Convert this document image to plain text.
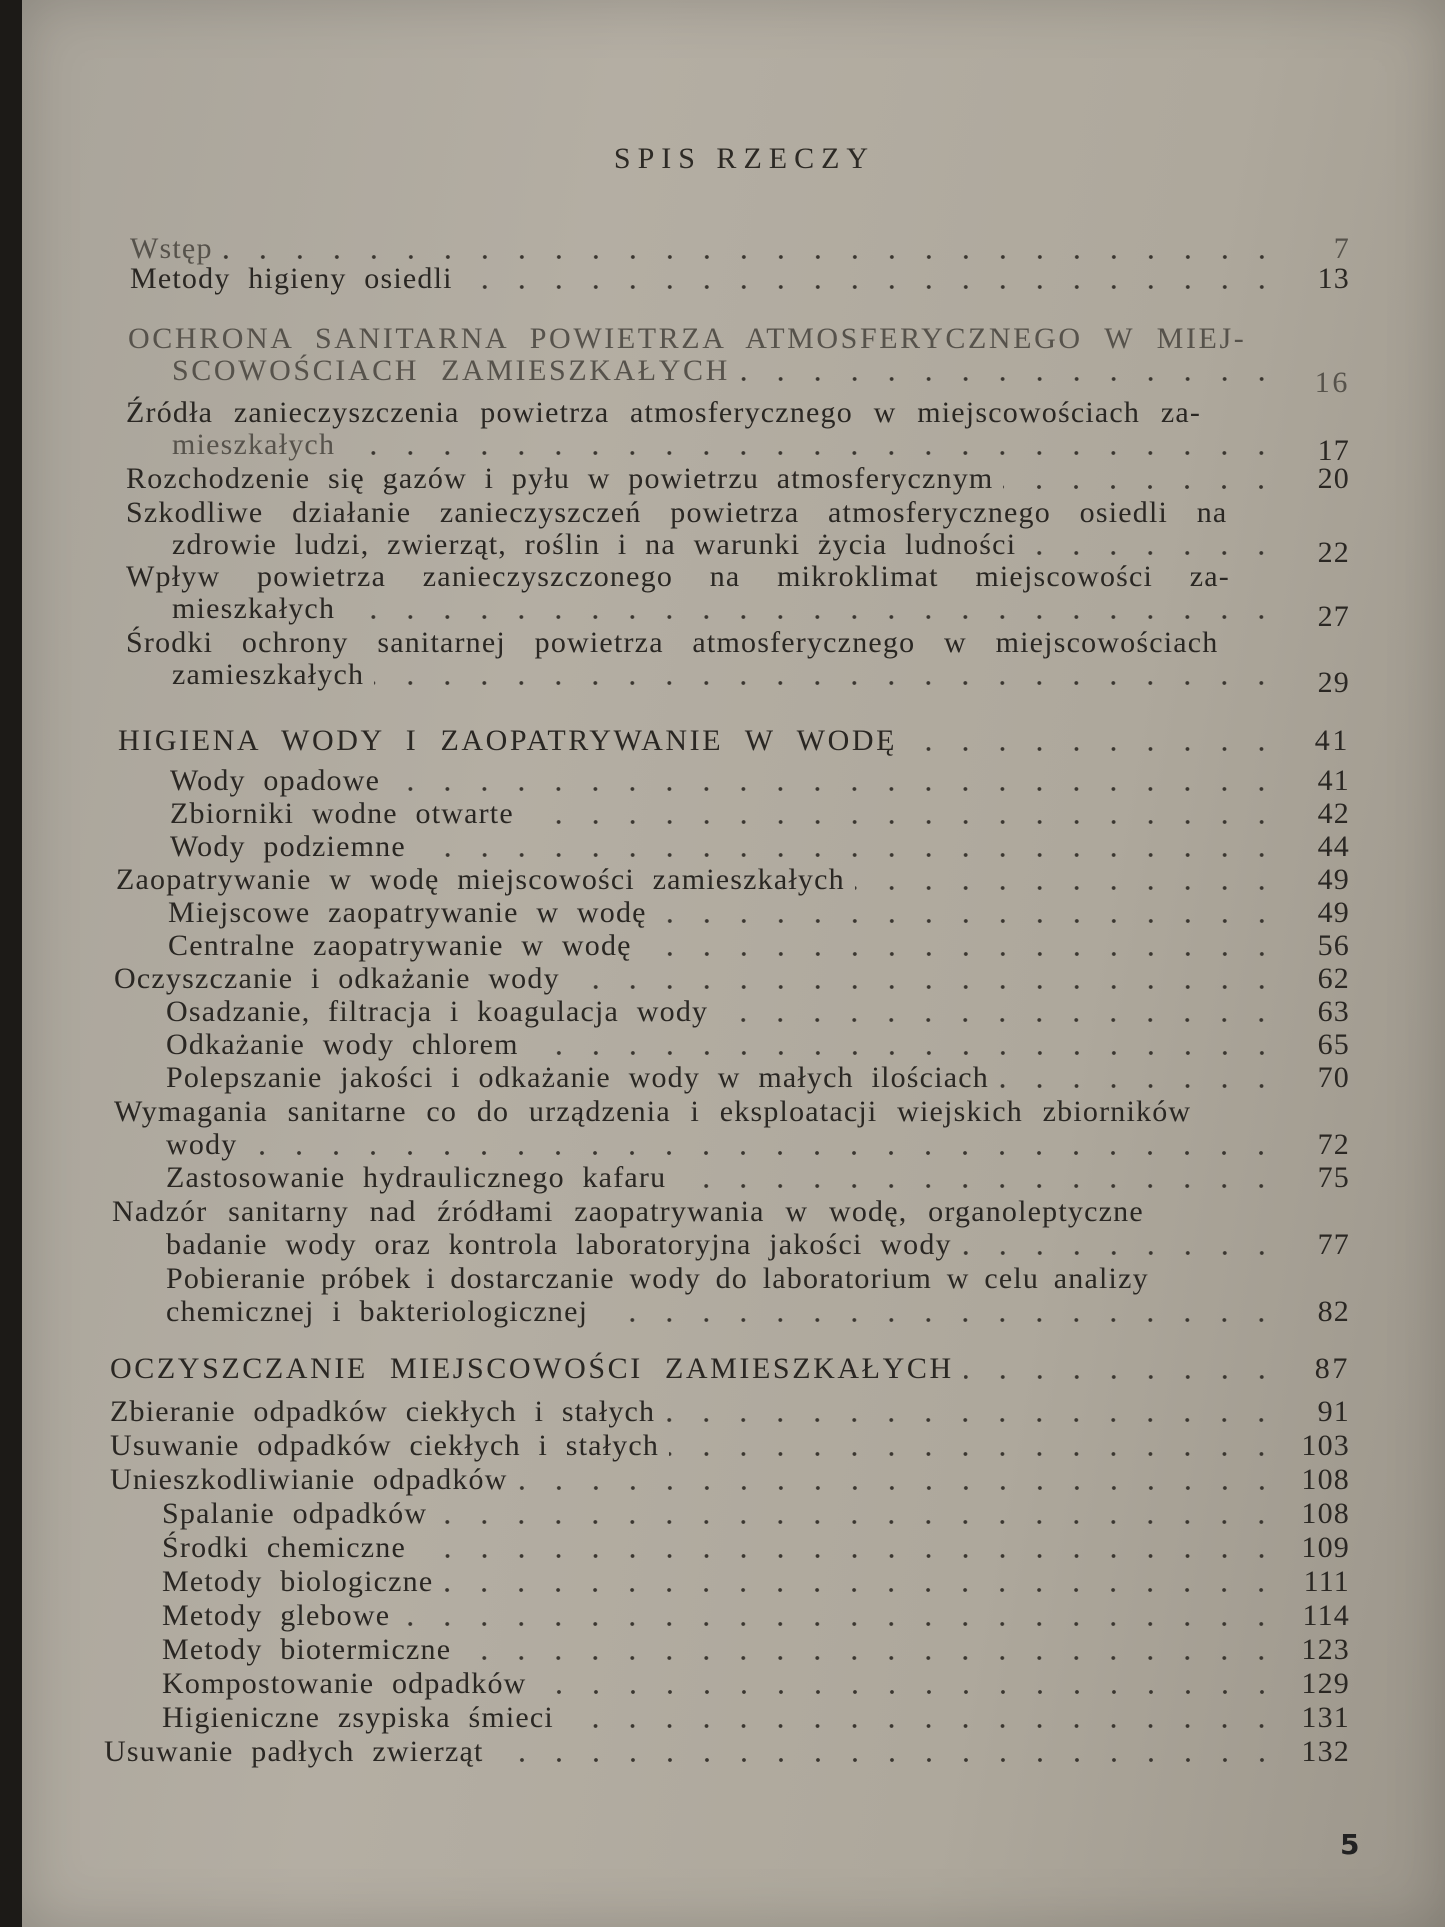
SPIS RZECZY
Wstęp	7
Metody higieny osiedli	13
OCHRONA SANITARNA POWIETRZA ATMOSFERYCZNEGO W MIEJ-
SCOWOŚCIACH ZAMIESZKAŁYCH	16
Źródła zanieczyszczenia powietrza atmosferycznego w miejscowościach za-
mieszkałych	17
Rozchodzenie się gazów i pyłu w powietrzu atmosferycznym	20
Szkodliwe działanie zanieczyszczeń powietrza atmosferycznego osiedli na
zdrowie ludzi, zwierząt, roślin i na warunki życia ludności	22
Wpływ powietrza zanieczyszczonego na mikroklimat miejscowości za-
mieszkałych	27
Środki ochrony sanitarnej powietrza atmosferycznego w miejscowościach
zamieszkałych	29
HIGIENA WODY I ZAOPATRYWANIE W WODĘ	41
Wody opadowe	41
Zbiorniki wodne otwarte	42
Wody podziemne	44
Zaopatrywanie w wodę miejscowości zamieszkałych	49
Miejscowe zaopatrywanie w wodę	49
Centralne zaopatrywanie w wodę	56
Oczyszczanie i odkażanie wody	62
Osadzanie, filtracja i koagulacja wody	63
Odkażanie wody chlorem	65
Polepszanie jakości i odkażanie wody w małych ilościach	70
Wymagania sanitarne co do urządzenia i eksploatacji wiejskich zbiorników
wody	72
Zastosowanie hydraulicznego kafaru	75
Nadzór sanitarny nad źródłami zaopatrywania w wodę, organoleptyczne
badanie wody oraz kontrola laboratoryjna jakości wody	77
Pobieranie próbek i dostarczanie wody do laboratorium w celu analizy
chemicznej i bakteriologicznej	82
OCZYSZCZANIE MIEJSCOWOŚCI ZAMIESZKAŁYCH	87
Zbieranie odpadków ciekłych i stałych	91
Usuwanie odpadków ciekłych i stałych	103
Unieszkodliwianie odpadków	108
Spalanie odpadków	108
Środki chemiczne	109
Metody biologiczne	111
Metody glebowe	114
Metody biotermiczne	123
Kompostowanie odpadków	129
Higieniczne zsypiska śmieci	131
Usuwanie padłych zwierząt	132
5
